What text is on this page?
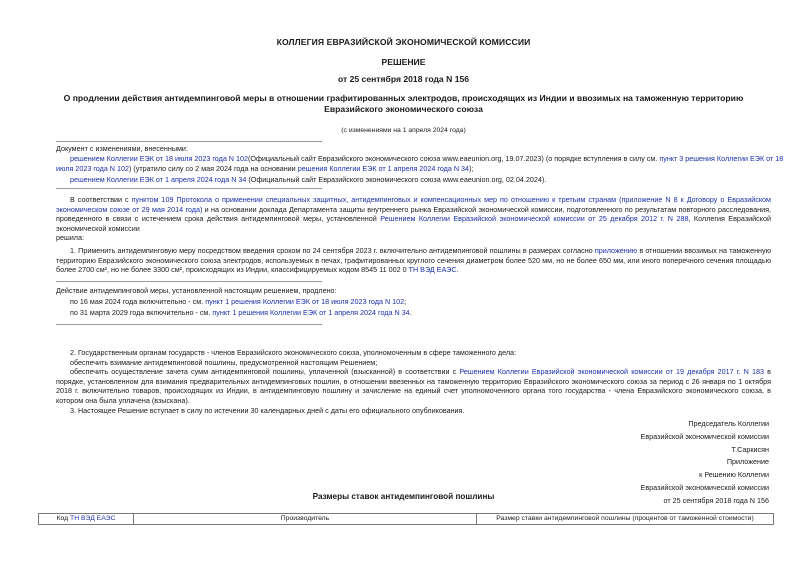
КОЛЛЕГИЯ ЕВРАЗИЙСКОЙ ЭКОНОМИЧЕСКОЙ КОМИССИИ
РЕШЕНИЕ
от 25 сентября 2018 года N 156
О продлении действия антидемпинговой меры в отношении графитированных электродов, происходящих из Индии и ввозимых на таможенную территорию
Евразийского экономического союза
(с изменениями на 1 апреля 2024 года)
Документ с изменениями, внесенными:
решением Коллегии ЕЭК от 18 июля 2023 года N 102(Официальный сайт Евразийского экономического союза www.eaeunion.org, 19.07.2023) (о порядке вступления в силу см. пункт 3 решения Коллегии ЕЭК от 18
июля 2023 года N 102) (утратило силу со 2 мая 2024 года на основании решения Коллегии ЕЭК от 1 апреля 2024 года N 34);
решением Коллегии ЕЭК от 1 апреля 2024 года N 34 (Официальный сайт Евразийского экономического союза www.eaeunion.org, 02.04.2024).

В соответствии с пунктом 109 Протокола о применении специальных защитных, антидемпинговых и компенсационных мер по отношению к третьим странам (приложение N 8 к Договору о Евразийском экономическом союзе от 29 мая 2014 года) и на основании доклада Департамента защиты внутреннего рынка Евразийской экономической комиссии, подготовленного по результатам повторного расследования, проведенного в связи с истечением срока действия антидемпинговой меры, установленной Решением Коллегии Евразийской экономической комиссии от 25 декабря 2012 г. N 288, Коллегия Евразийской экономической комиссии

решила:

1. Применить антидемпинговую меру посредством введения сроком по 24 сентября 2023 г. включительно антидемпинговой пошлины в размерах согласно приложению в отношении ввозимых на таможенную территорию Евразийского экономического союза электродов, используемых в печах, графитированных круглого сечения диаметром более 520 мм, но не более 650 мм, или иного поперечного сечения площадью более 2700 см², но не более 3300 см², происходящих из Индии, классифицируемых кодом 8545 11 002 0 ТН ВЭД ЕАЭС.

Действие антидемпинговой меры, установленной настоящим решением, продлено:
по 16 мая 2024 года включительно - см. пункт 1 решения Коллегии ЕЭК от 18 июля 2023 года N 102;
по 31 марта 2029 года включительно - см. пункт 1 решения Коллегии ЕЭК от 1 апреля 2024 года N 34.

2. Государственным органам государств - членов Евразийского экономического союза, уполномоченным в сфере таможенного дела:

обеспечить взимание антидемпинговой пошлины, предусмотренной настоящим Решением;

обеспечить осуществление зачета сумм антидемпинговой пошлины, уплаченной (взысканной) в соответствии с Решением Коллегии Евразийской экономической комиссии от 19 декабря 2017 г. N 183 в порядке, установленном для взимания предварительных антидемпинговых пошлин, в отношении ввезенных на таможенную территорию Евразийского экономического союза за период с 26 января по 1 октября 2018 г. включительно товаров, происходящих из Индии, в антидемпинговую пошлину и зачисление на единый счет уполномоченного органа того государства - члена Евразийского экономического союза, в котором она была уплачена (взыскана).

3. Настоящее Решение вступает в силу по истечении 30 календарных дней с даты его официального опубликования.

Председатель Коллегии
Евразийской экономической комиссии
Т.Саркисян
Приложение
к Решению Коллегии
Евразийской экономической комиссии
от 25 сентября 2018 года N 156
Размеры ставок антидемпинговой пошлины
Код ТН ВЭД ЕАЭС	Производитель	Размер ставки антидемпинговой пошлины (процентов от таможенной стоимости)
